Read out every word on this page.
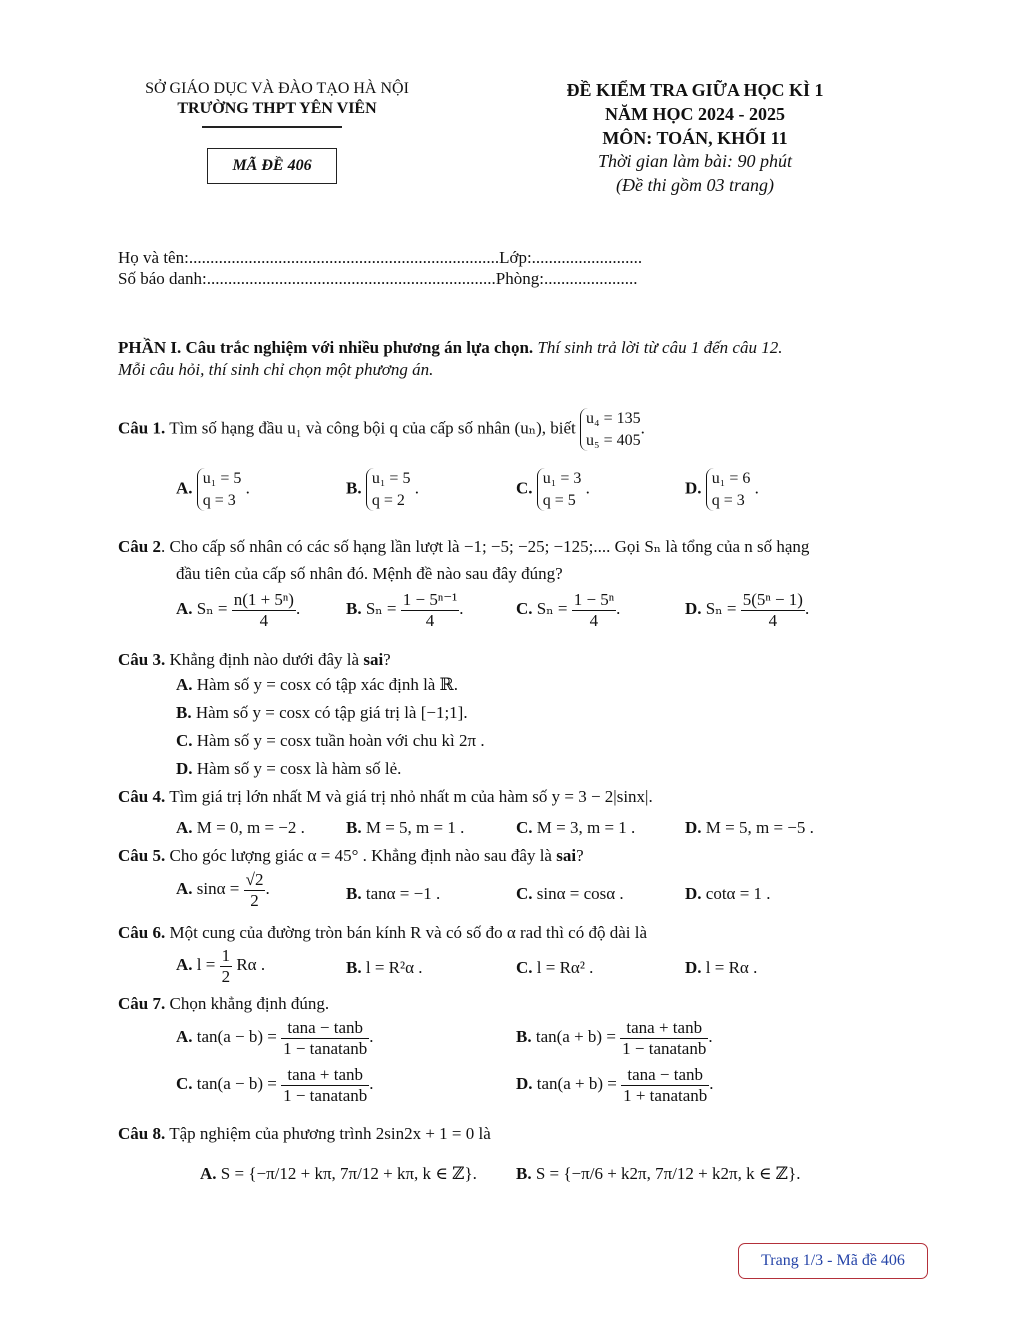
SỞ GIÁO DỤC VÀ ĐÀO TẠO HÀ NỘI
TRƯỜNG THPT YÊN VIÊN
MÃ ĐỀ 406
ĐỀ KIỂM TRA GIỮA HỌC KÌ 1
NĂM HỌC 2024 - 2025
MÔN: TOÁN, KHỐI 11
Thời gian làm bài: 90 phút
(Đề thi gồm 03 trang)
Họ và tên:.........................................................................Lớp:..........................
Số báo danh:....................................................................Phòng:......................
PHẦN I. Câu trắc nghiệm với nhiều phương án lựa chọn. Thí sinh trả lời từ câu 1 đến câu 12.
Mỗi câu hỏi, thí sinh chỉ chọn một phương án.
Câu 1. Tìm số hạng đầu u₁ và công bội q của cấp số nhân (uₙ), biết u₄ = 135
u₅ = 405
.
A. u₁ = 5
q = 3
.	B. u₁ = 5
q = 2
.	C. u₁ = 3
q = 5
.	D. u₁ = 6
q = 3
.
Câu 2. Cho cấp số nhân có các số hạng lần lượt là −1; −5; −25; −125;.... Gọi Sₙ là tổng của n số hạng
đầu tiên của cấp số nhân đó. Mệnh đề nào sau đây đúng?
A. $S_n = \frac{\text{n(1 + 5ⁿ)}}{4}$ .	B. $S_n = \frac{\text{1 − 5ⁿ⁻¹}}{4}$ .	C. $S_n = \frac{\text{1 − 5ⁿ}}{4}$ .	D. $S_n = \frac{\text{5(5ⁿ − 1)}}{4}$ .
Câu 3. Khẳng định nào dưới đây là sai?
A. Hàm số y = cosx có tập xác định là ℝ.
B. Hàm số y = cosx có tập giá trị là [−1;1].
C. Hàm số y = cosx tuần hoàn với chu kì 2π .
D. Hàm số y = cosx là hàm số lẻ.
Câu 4. Tìm giá trị lớn nhất M và giá trị nhỏ nhất m của hàm số y = 3 − 2|sinx|.
A. M = 0, m = −2 . B. M = 5, m = 1 .	C. M = 3, m = 1 .	D. M = 5, m = −5 .
Câu 5. Cho góc lượng giác α = 45° . Khẳng định nào sau đây là sai?
A. $\sin\alpha = \frac{√2}{2}$ .	B. tanα = −1 .	C. sinα = cosα .	D. cotα = 1 .
Câu 6. Một cung của đường tròn bán kính R và có số đo α rad thì có độ dài là
A. $l = \frac{1}{2}$ Rα .	B. l = R²α .	C. l = Rα² .	D. l = Rα .
Câu 7. Chọn khẳng định đúng.
A. $\tan(a - b) = \frac{\tan a - \tan b}{\text{1 − tanatanb}}$ .	B. $\tan(a + b) = \frac{\tan a + \tan b}{\text{1 − tanatanb}}$ .
C. $\tan(a - b) = \frac{\tan a + \tan b}{\text{1 − tanatanb}}$ .	D. $\tan(a + b) = \frac{\tan a - \tan b}{\text{1 + tanatanb}}$ .
Câu 8. Tập nghiệm của phương trình 2sin2x + 1 = 0 là
A. S = {−π/12 + kπ, 7π/12 + kπ, k ∈ ℤ}. B. S = {−π/6 + k2π, 7π/12 + k2π, k ∈ ℤ}.
Trang 1/3 - Mã đề 406
